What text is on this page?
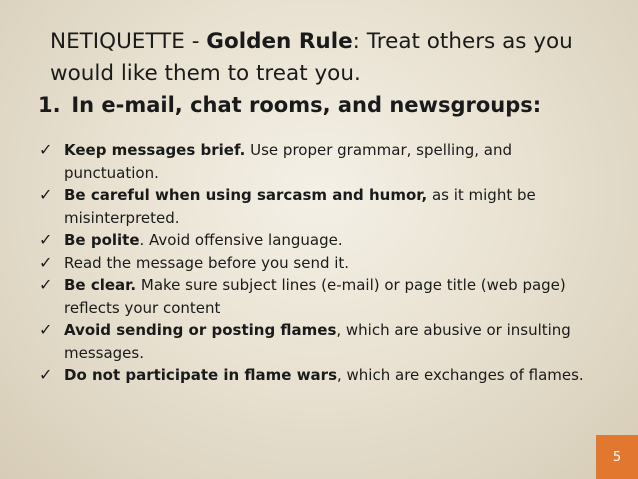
NETIQUETTE - Golden Rule: Treat others as you would like them to treat you.
1. In e-mail, chat rooms, and newsgroups:
✓ Keep messages brief. Use proper grammar, spelling, and punctuation.
✓ Be careful when using sarcasm and humor, as it might be misinterpreted.
✓ Be polite. Avoid offensive language.
✓ Read the message before you send it.
✓ Be clear. Make sure subject lines (e-mail) or page title (web page) reflects your content
✓ Avoid sending or posting flames, which are abusive or insulting messages.
✓ Do not participate in flame wars, which are exchanges of flames.
5
